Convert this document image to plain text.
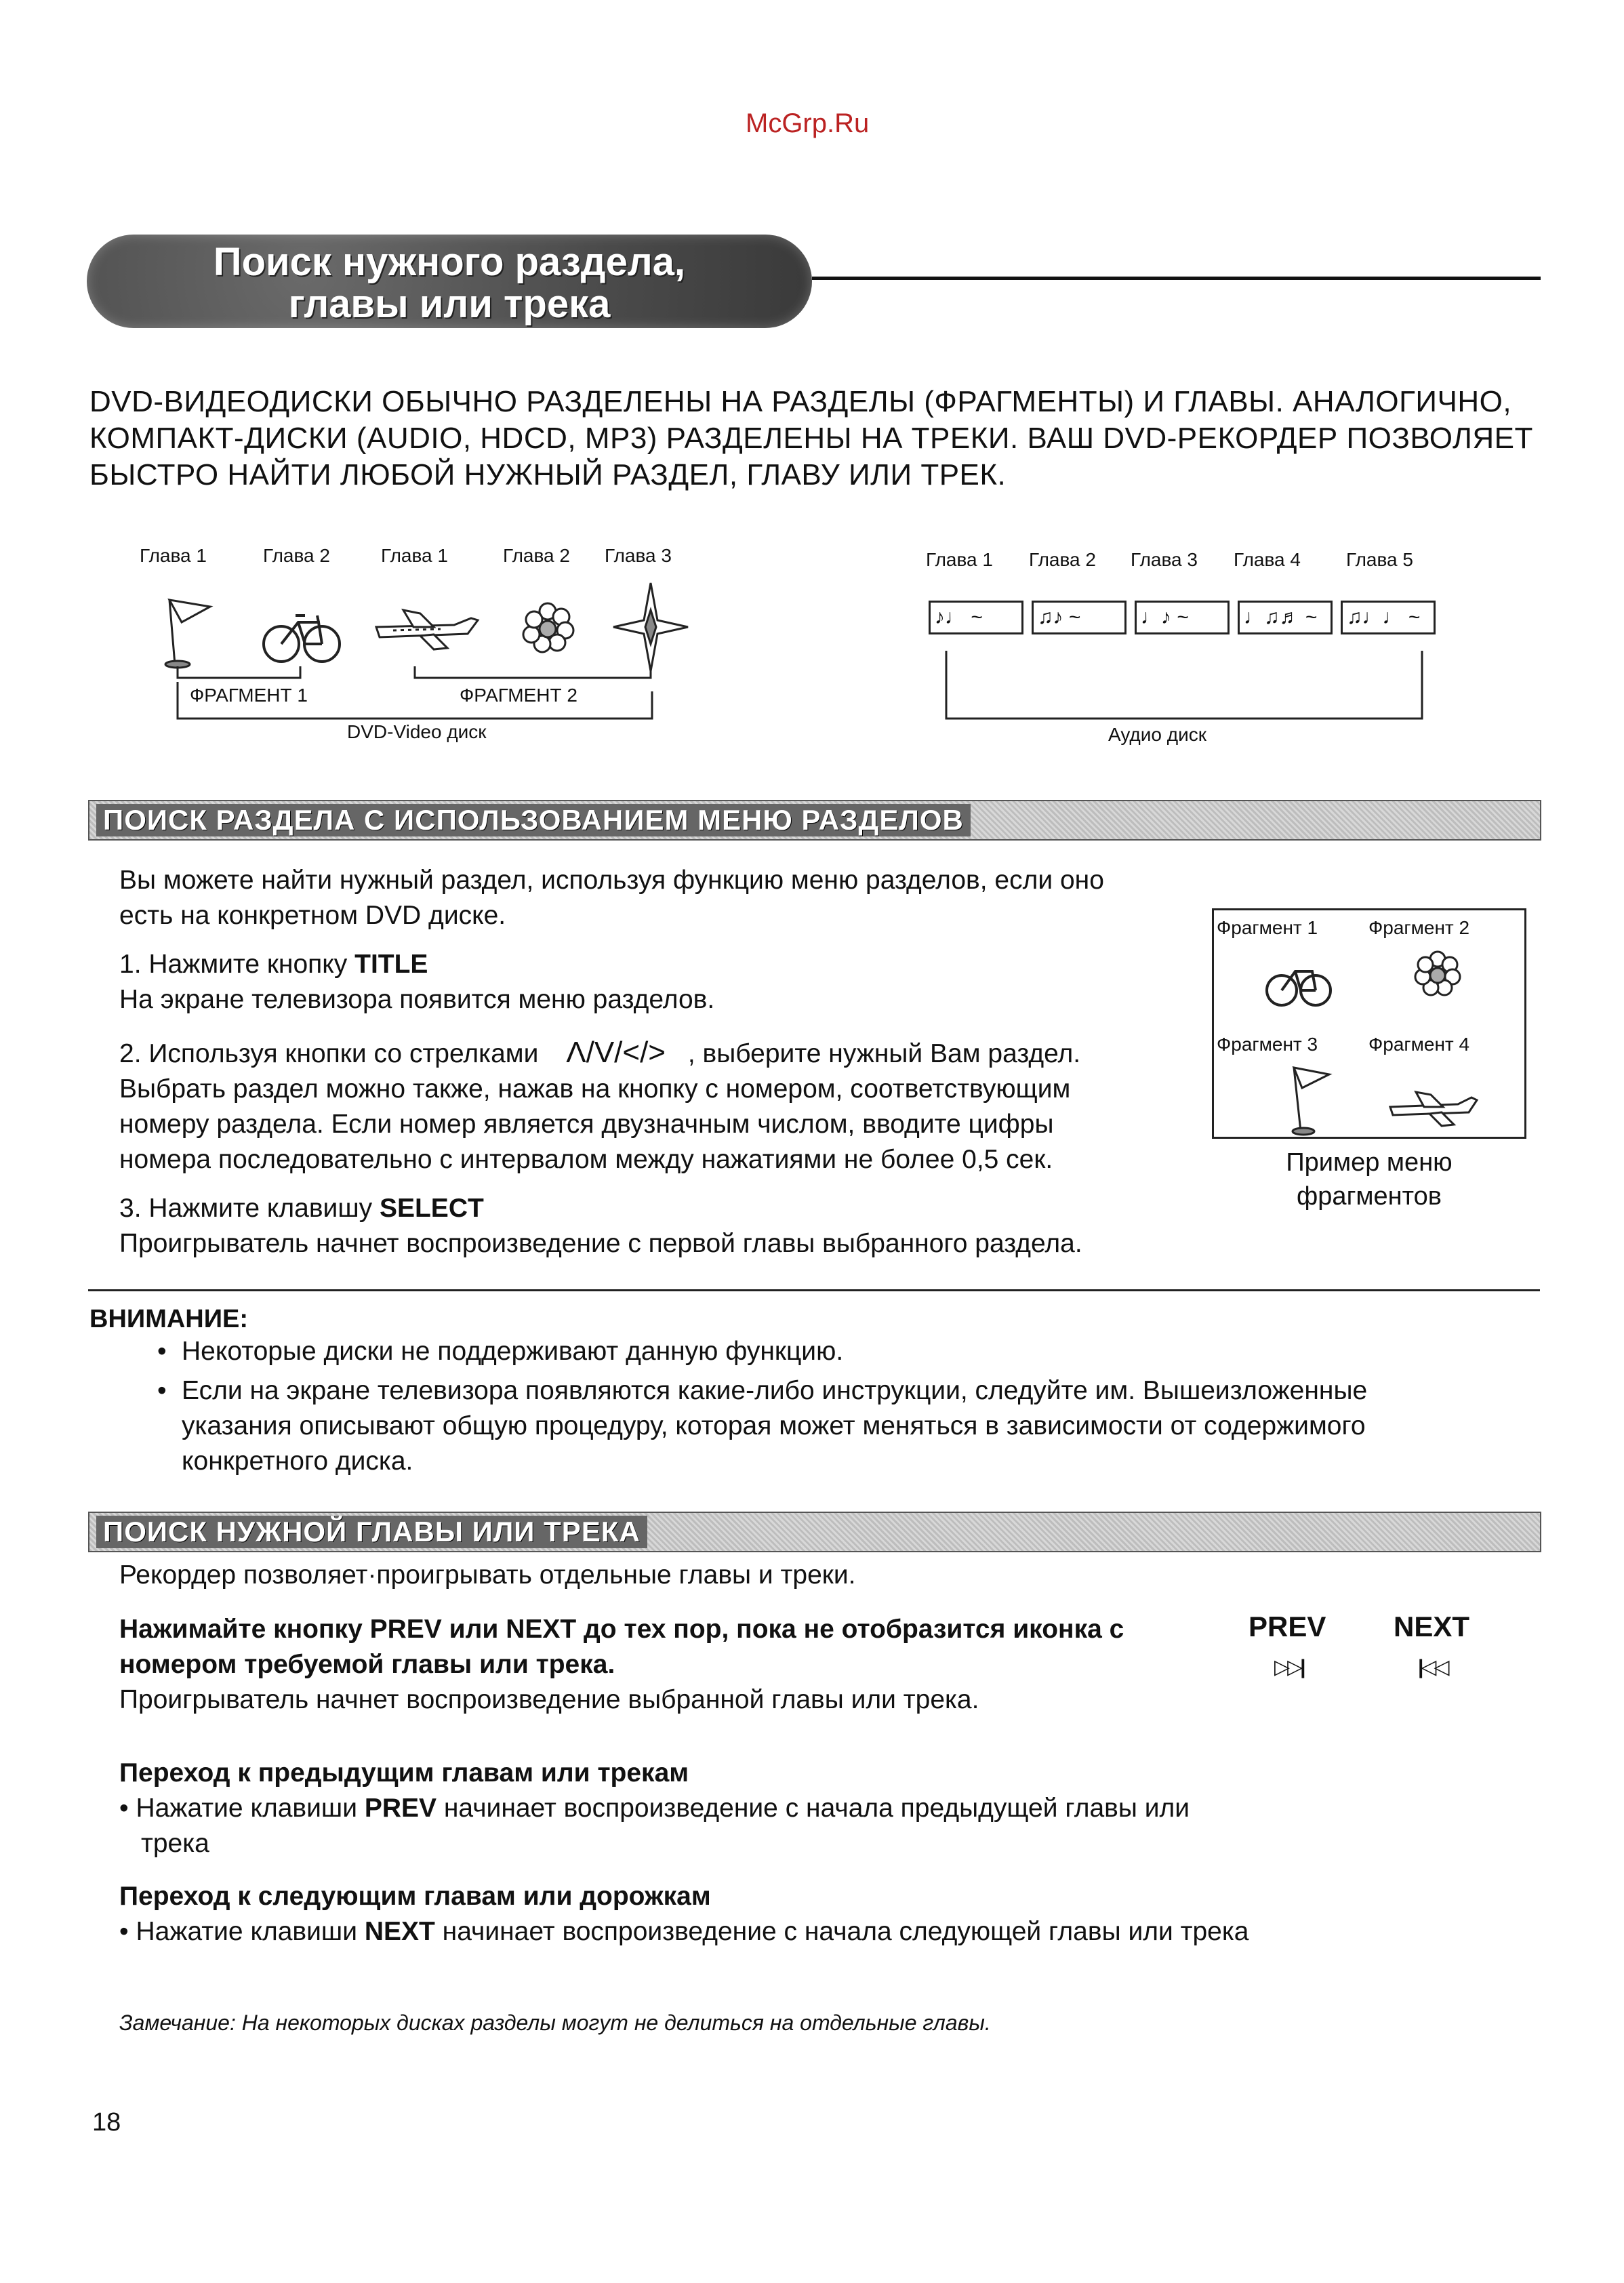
Поиск нужного раздела,
главы или трека
DVD-ВИДЕОДИСКИ ОБЫЧНО РАЗДЕЛЕНЫ НА РАЗДЕЛЫ (ФРАГМЕНТЫ) И ГЛАВЫ. АНАЛОГИЧНО,
КОМПАКТ-ДИСКИ (AUDIO, HDCD, MP3) РАЗДЕЛЕНЫ НА ТРЕКИ. ВАШ DVD-РЕКОРДЕР ПОЗВОЛЯЕТ
БЫСТРО НАЙТИ ЛЮБОЙ НУЖНЫЙ РАЗДЕЛ, ГЛАВУ ИЛИ ТРЕК.
Глава 1	Глава 2	Глава 1	Глава 2 Глава 3
ФРАГМЕНТ 1	ФРАГМЕНТ 2
DVD-Video диск
Глава 1 Глава 2 Глава 3 Глава 4 Глава 5
♪♩ ~	♫♪ ~	♩♪ ~	♩♫♬ ~	♫♩♩ ~
Аудио диск
McGrp.Ru
ПОИСК РАЗДЕЛА С ИСПОЛЬЗОВАНИЕМ МЕНЮ РАЗДЕЛОВ
Вы можете найти нужный раздел, используя функцию меню разделов, если оно
есть на конкретном DVD диске.
1. Нажмите кнопку TITLE
На экране телевизора появится меню разделов.
2. Используя кнопки со стрелками Λ/V/</> , выберите нужный Вам раздел.
Выбрать раздел можно также, нажав на кнопку с номером, соответствующим
номеру раздела. Если номер является двузначным числом, вводите цифры
номера последовательно с интервалом между нажатиями не более 0,5 сек.
3. Нажмите клавишу SELECT
Проигрыватель начнет воспроизведение с первой главы выбранного раздела.
Фрагмент 1	Фрагмент 2
Фрагмент 3	Фрагмент 4
Пример меню
фрагментов
ВНИМАНИЕ:
• Некоторые диски не поддерживают данную функцию.
• Если на экране телевизора появляются какие-либо инструкции, следуйте им. Вышеизложенные
указания описывают общую процедуру, которая может меняться в зависимости от содержимого
конкретного диска.
ПОИСК НУЖНОЙ ГЛАВЫ ИЛИ ТРЕКА
Рекордер позволяет·проигрывать отдельные главы и треки.
Нажимайте кнопку PREV или NEXT до тех пор, пока не отобразится иконка с
номером требуемой главы или трека.
Проигрыватель начнет воспроизведение выбранной главы или трека.
PREV NEXT
▷▷|	|◁◁
Переход к предыдущим главам или трекам
• Нажатие клавиши PREV начинает воспроизведение с начала предыдущей главы или
трека
Переход к следующим главам или дорожкам
• Нажатие клавиши NEXT начинает воспроизведение с начала следующей главы или трека
Замечание: На некоторых дисках разделы могут не делиться на отдельные главы.
18
